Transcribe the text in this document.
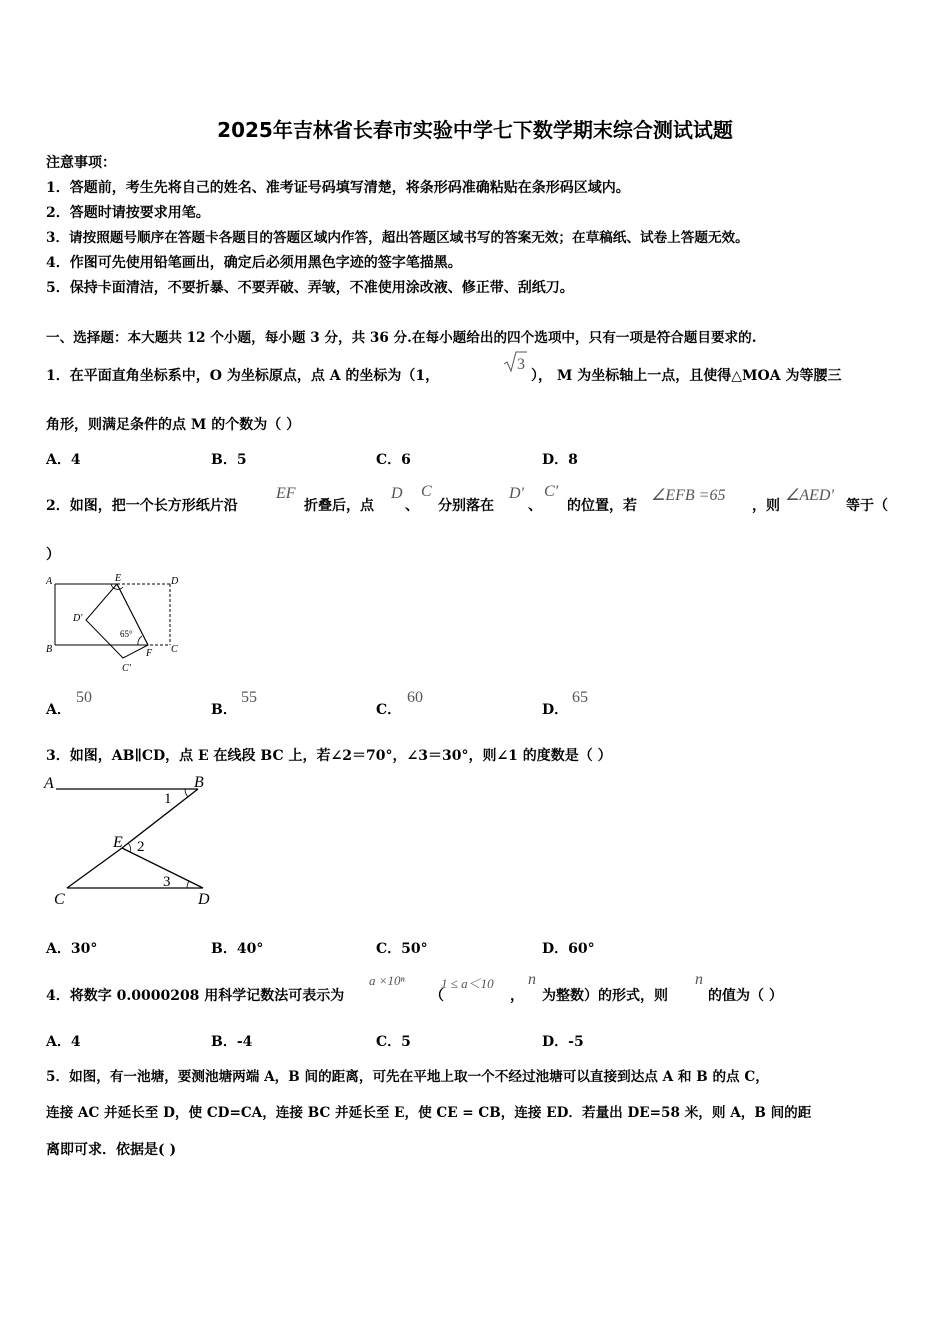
2025年吉林省长春市实验中学七下数学期末综合测试试题
注意事项：
1．答题前，考生先将自己的姓名、准考证号码填写清楚，将条形码准确粘贴在条形码区域内。
2．答题时请按要求用笔。
3．请按照题号顺序在答题卡各题目的答题区域内作答，超出答题区域书写的答案无效；在草稿纸、试卷上答题无效。
4．作图可先使用铅笔画出，确定后必须用黑色字迹的签字笔描黑。
5．保持卡面清洁，不要折暴、不要弄破、弄皱，不准使用涂改液、修正带、刮纸刀。
一、选择题：本大题共 12 个小题，每小题 3 分，共 36 分.在每小题给出的四个选项中，只有一项是符合题目要求的.
1．在平面直角坐标系中，O 为坐标原点，点 A 的坐标为（1，
3
）， M 为坐标轴上一点，且使得△MOA 为等腰三
角形，则满足条件的点 M 的个数为（ ）
A．4	B．5	C．6	D．8
2．如图，把一个长方形纸片沿
EF
折叠后，点
D
、
C
分别落在
D'
、
C'
的位置，若
∠EFB =65
，则
∠AED'
等于（
）
A	E	D
D'
65°
B	F C
C'
A．
50
B．
55
C．
60
D．
65
3．如图，AB∥CD，点 E 在线段 BC 上，若∠2＝70°，∠3＝30°，则∠1 的度数是（ ）
A	B
1
E 2
3
C	D
A．30°	B．40°	C．50°	D．60°
4．将数字 0.0000208 用科学记数法可表示为
a ×10ⁿ
（
1 ≤ a＜10
，
n
为整数）的形式，则
n
的值为（ ）
A．4	B．-4	C．5	D．-5
5．如图，有一池塘，要测池塘两端 A，B 间的距离，可先在平地上取一个不经过池塘可以直接到达点 A 和 B 的点 C，
连接 AC 并延长至 D，使 CD=CA，连接 BC 并延长至 E，使 CE = CB，连接 ED．若量出 DE=58 米，则 A，B 间的距
离即可求．依据是( )
